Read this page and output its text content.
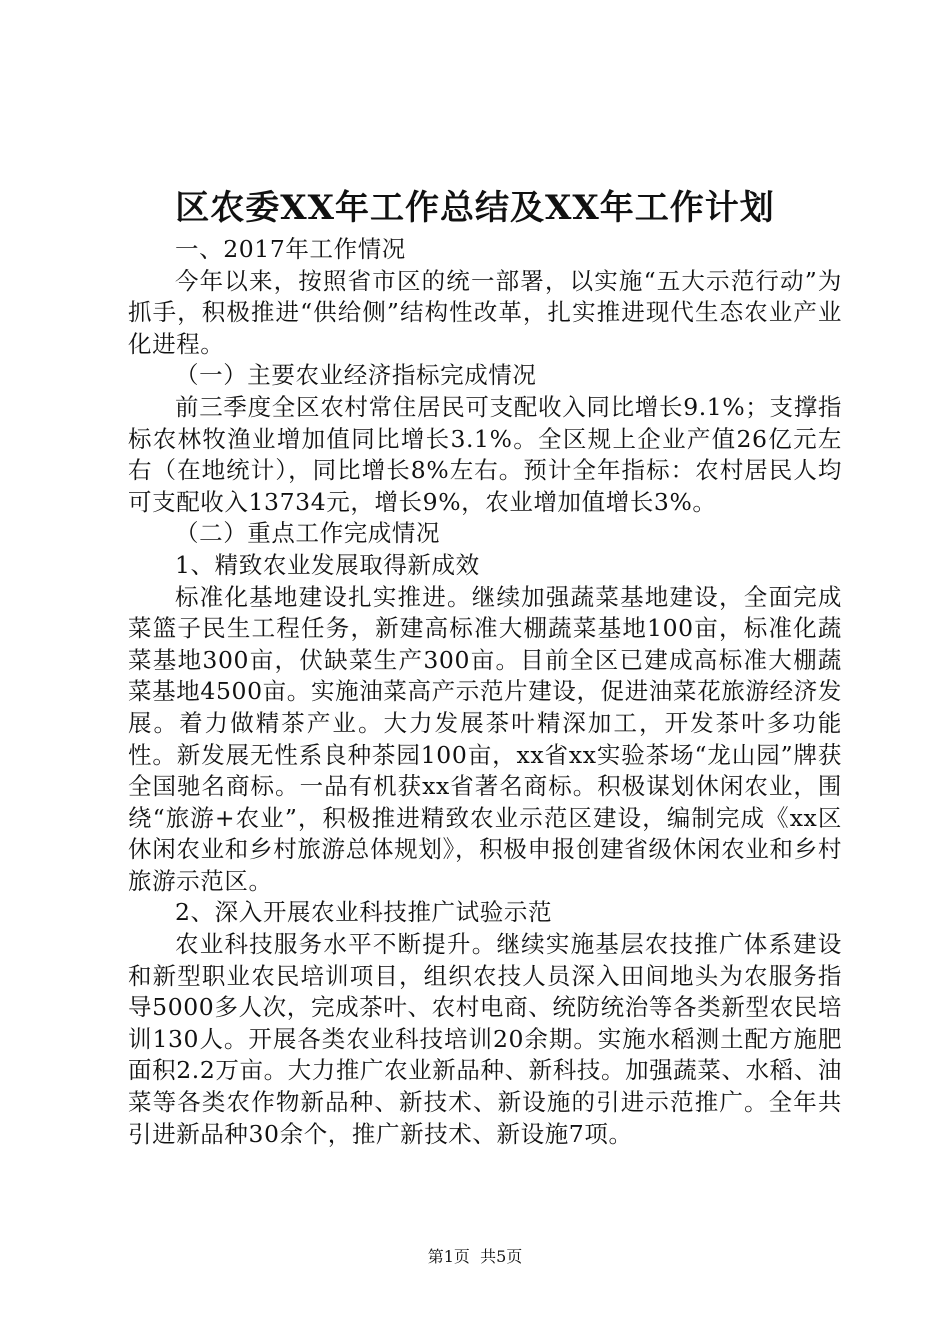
区农委XX年工作总结及XX年工作计划

一、2017年工作情况

今年以来，按照省市区的统一部署，以实施“五大示范行动”为抓手，积极推进“供给侧”结构性改革，扎实推进现代生态农业产业化进程。

（一）主要农业经济指标完成情况

前三季度全区农村常住居民可支配收入同比增长9.1%；支撑指标农林牧渔业增加值同比增长3.1%。全区规上企业产值26亿元左右（在地统计），同比增长8%左右。预计全年指标：农村居民人均可支配收入13734元，增长9%，农业增加值增长3%。

（二）重点工作完成情况

1、精致农业发展取得新成效

标准化基地建设扎实推进。继续加强蔬菜基地建设，全面完成菜篮子民生工程任务，新建高标准大棚蔬菜基地100亩，标准化蔬菜基地300亩，伏缺菜生产300亩。目前全区已建成高标准大棚蔬菜基地4500亩。实施油菜高产示范片建设，促进油菜花旅游经济发展。着力做精茶产业。大力发展茶叶精深加工，开发茶叶多功能性。新发展无性系良种茶园100亩，xx省xx实验茶场“龙山园”牌获全国驰名商标。一品有机获xx省著名商标。积极谋划休闲农业，围绕“旅游+农业”，积极推进精致农业示范区建设，编制完成《xx区休闲农业和乡村旅游总体规划》，积极申报创建省级休闲农业和乡村旅游示范区。

2、深入开展农业科技推广试验示范

农业科技服务水平不断提升。继续实施基层农技推广体系建设和新型职业农民培训项目，组织农技人员深入田间地头为农服务指导5000多人次，完成茶叶、农村电商、统防统治等各类新型农民培训130人。开展各类农业科技培训20余期。实施水稻测土配方施肥面积2.2万亩。大力推广农业新品种、新科技。加强蔬菜、水稻、油菜等各类农作物新品种、新技术、新设施的引进示范推广。全年共引进新品种30余个，推广新技术、新设施7项。

第1页  共5页
